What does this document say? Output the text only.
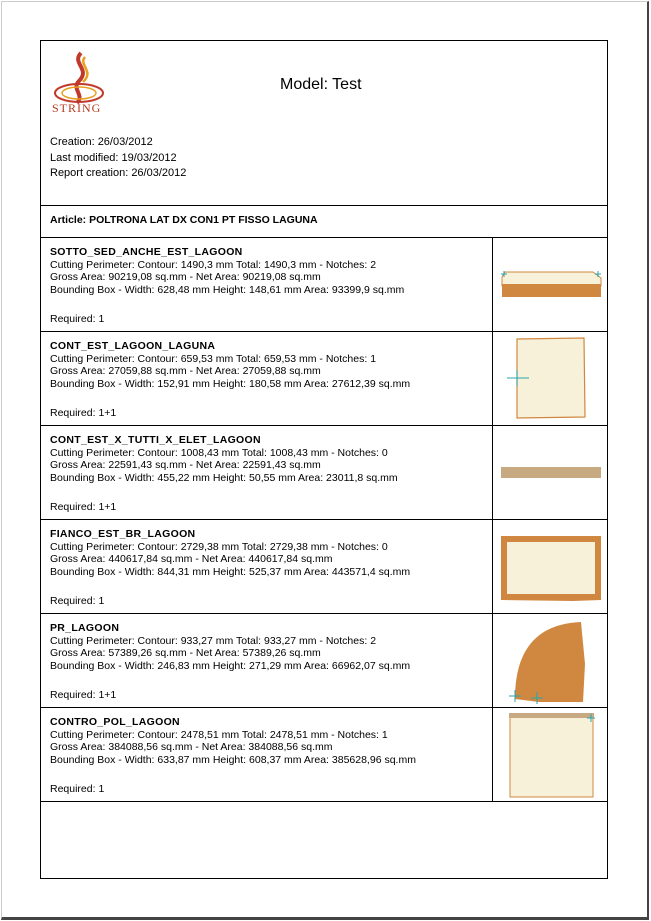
STRING
Model: Test
Creation: 26/03/2012
Last modified: 19/03/2012
Report creation: 26/03/2012
Article: POLTRONA LAT DX CON1 PT FISSO LAGUNA
SOTTO_SED_ANCHE_EST_LAGOON
Cutting Perimeter: Contour: 1490,3 mm Total: 1490,3 mm - Notches: 2
Gross Area: 90219,08 sq.mm - Net Area: 90219,08 sq.mm
Bounding Box - Width: 628,48 mm Height: 148,61 mm Area: 93399,9 sq.mm
Required: 1
CONT_EST_LAGOON_LAGUNA
Cutting Perimeter: Contour: 659,53 mm Total: 659,53 mm - Notches: 1
Gross Area: 27059,88 sq.mm - Net Area: 27059,88 sq.mm
Bounding Box - Width: 152,91 mm Height: 180,58 mm Area: 27612,39 sq.mm
Required: 1+1
CONT_EST_X_TUTTI_X_ELET_LAGOON
Cutting Perimeter: Contour: 1008,43 mm Total: 1008,43 mm - Notches: 0
Gross Area: 22591,43 sq.mm - Net Area: 22591,43 sq.mm
Bounding Box - Width: 455,22 mm Height: 50,55 mm Area: 23011,8 sq.mm
Required: 1+1
FIANCO_EST_BR_LAGOON
Cutting Perimeter: Contour: 2729,38 mm Total: 2729,38 mm - Notches: 0
Gross Area: 440617,84 sq.mm - Net Area: 440617,84 sq.mm
Bounding Box - Width: 844,31 mm Height: 525,37 mm Area: 443571,4 sq.mm
Required: 1
PR_LAGOON
Cutting Perimeter: Contour: 933,27 mm Total: 933,27 mm - Notches: 2
Gross Area: 57389,26 sq.mm - Net Area: 57389,26 sq.mm
Bounding Box - Width: 246,83 mm Height: 271,29 mm Area: 66962,07 sq.mm
Required: 1+1
CONTRO_POL_LAGOON
Cutting Perimeter: Contour: 2478,51 mm Total: 2478,51 mm - Notches: 1
Gross Area: 384088,56 sq.mm - Net Area: 384088,56 sq.mm
Bounding Box - Width: 633,87 mm Height: 608,37 mm Area: 385628,96 sq.mm
Required: 1
